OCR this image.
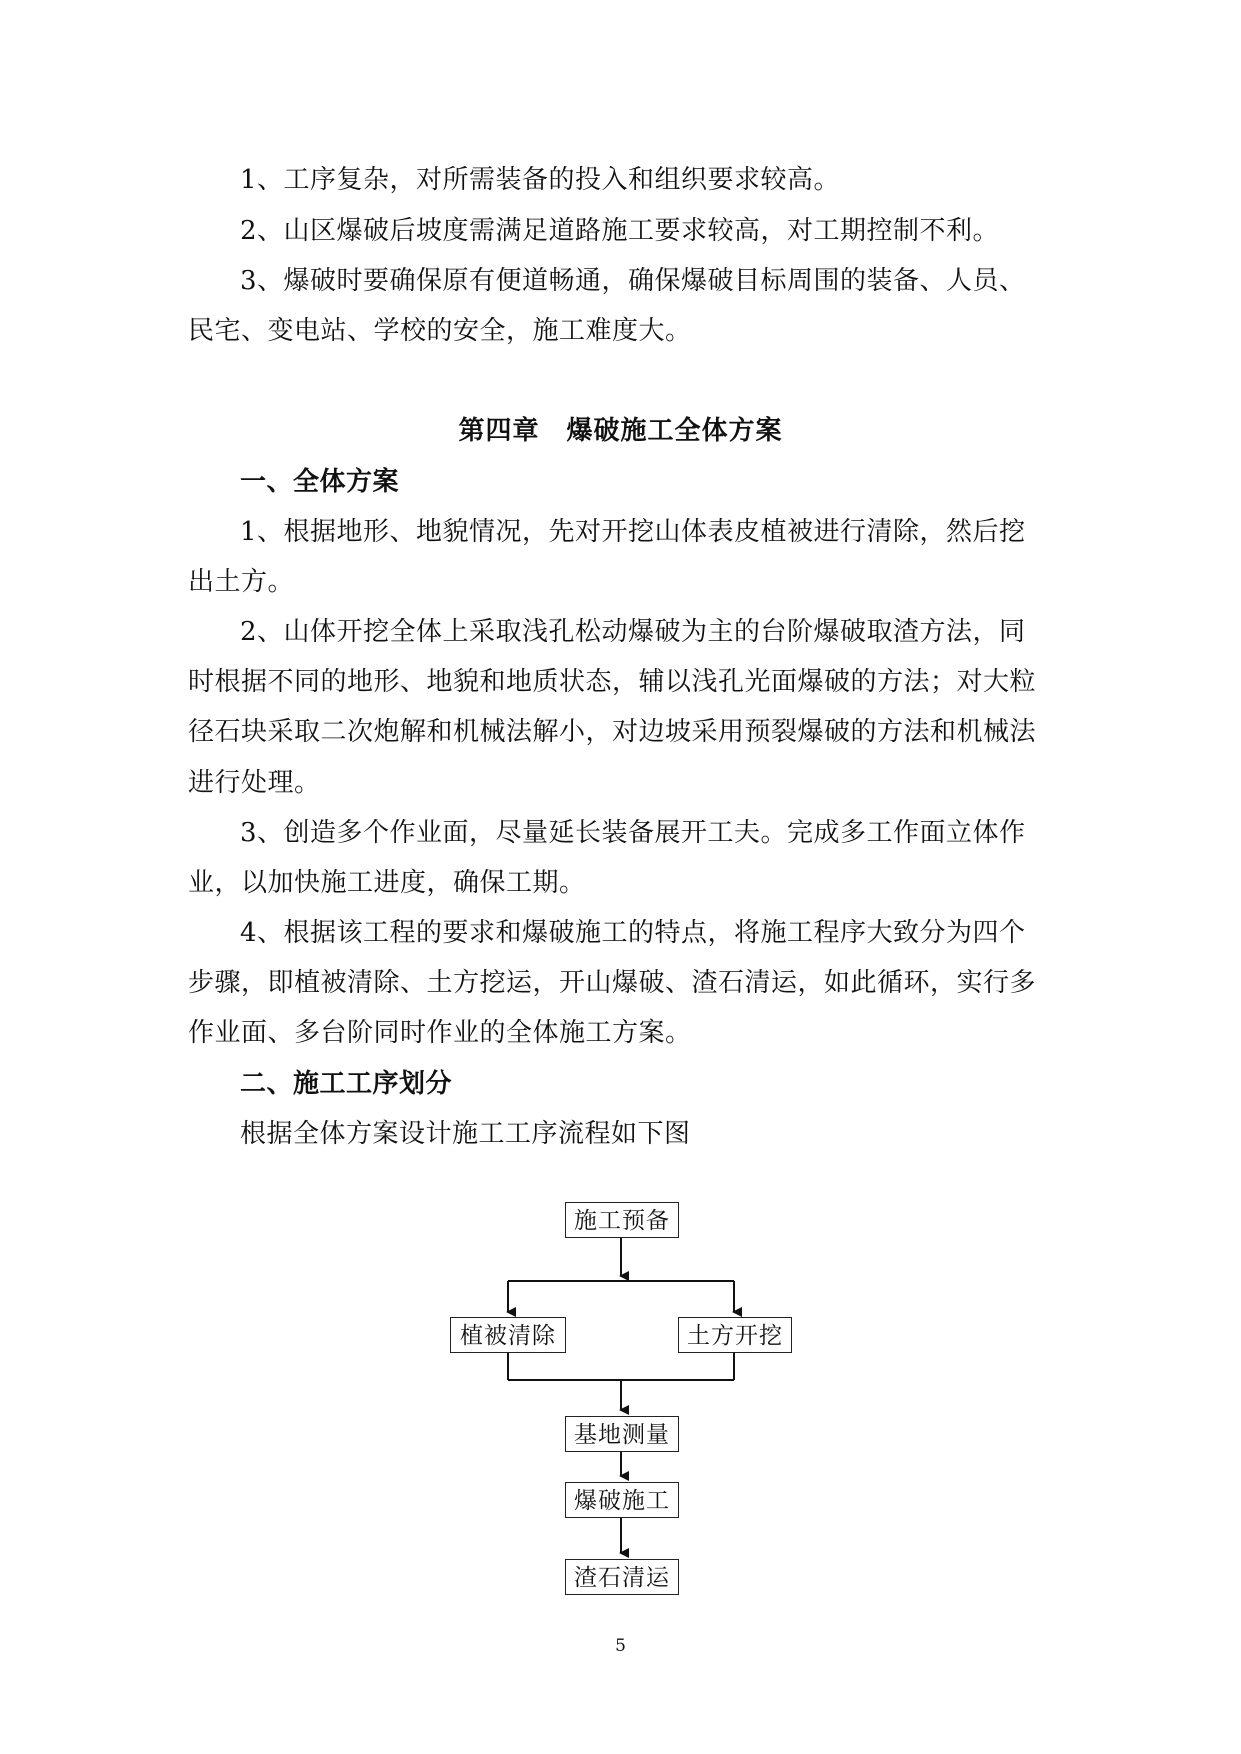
1、工序复杂，对所需装备的投入和组织要求较高。
2、山区爆破后坡度需满足道路施工要求较高，对工期控制不利。
3、爆破时要确保原有便道畅通，确保爆破目标周围的装备、人员、
民宅、变电站、学校的安全，施工难度大。
第四章　爆破施工全体方案
一、全体方案
1、根据地形、地貌情况，先对开挖山体表皮植被进行清除，然后挖
出土方。
2、山体开挖全体上采取浅孔松动爆破为主的台阶爆破取渣方法，同
时根据不同的地形、地貌和地质状态，辅以浅孔光面爆破的方法；对大粒
径石块采取二次炮解和机械法解小，对边坡采用预裂爆破的方法和机械法
进行处理。
3、创造多个作业面，尽量延长装备展开工夫。完成多工作面立体作
业，以加快施工进度，确保工期。
4、根据该工程的要求和爆破施工的特点，将施工程序大致分为四个
步骤，即植被清除、土方挖运，开山爆破、渣石清运，如此循环，实行多
作业面、多台阶同时作业的全体施工方案。
二、施工工序划分
根据全体方案设计施工工序流程如下图
施工预备
植被清除	土方开挖
基地测量
爆破施工
渣石清运
5
